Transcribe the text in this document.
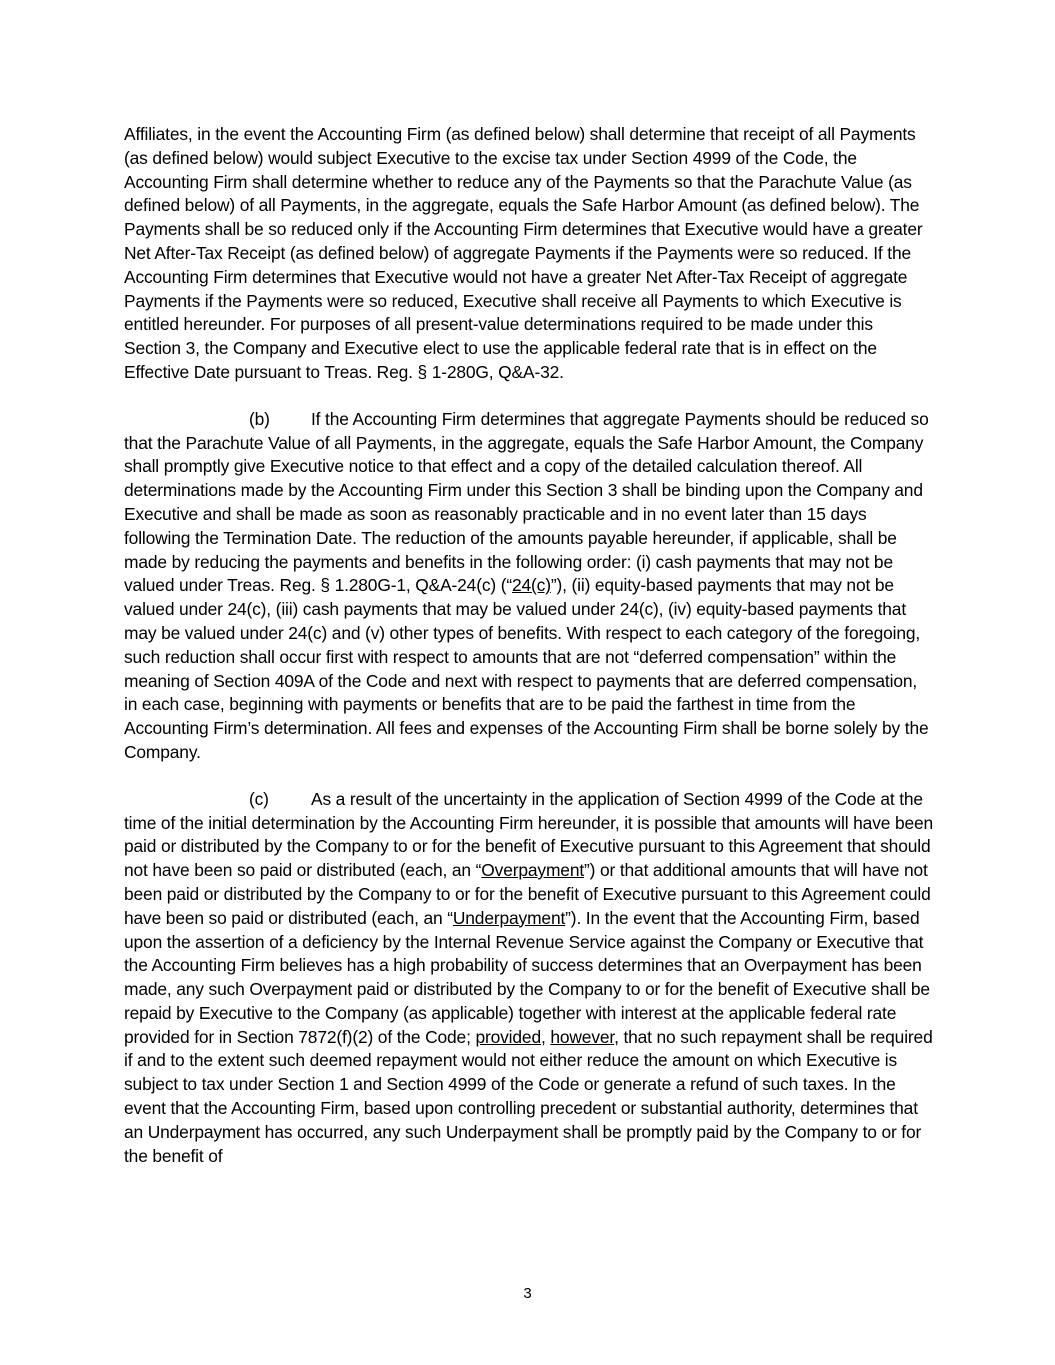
Affiliates, in the event the Accounting Firm (as defined below) shall determine that receipt of all Payments (as defined below) would subject Executive to the excise tax under Section 4999 of the Code, the Accounting Firm shall determine whether to reduce any of the Payments so that the Parachute Value (as defined below) of all Payments, in the aggregate, equals the Safe Harbor Amount (as defined below). The Payments shall be so reduced only if the Accounting Firm determines that Executive would have a greater Net After-Tax Receipt (as defined below) of aggregate Payments if the Payments were so reduced. If the Accounting Firm determines that Executive would not have a greater Net After-Tax Receipt of aggregate Payments if the Payments were so reduced, Executive shall receive all Payments to which Executive is entitled hereunder. For purposes of all present-value determinations required to be made under this Section 3, the Company and Executive elect to use the applicable federal rate that is in effect on the Effective Date pursuant to Treas. Reg. § 1-280G, Q&A-32.

(b) If the Accounting Firm determines that aggregate Payments should be reduced so that the Parachute Value of all Payments, in the aggregate, equals the Safe Harbor Amount, the Company shall promptly give Executive notice to that effect and a copy of the detailed calculation thereof. All determinations made by the Accounting Firm under this Section 3 shall be binding upon the Company and Executive and shall be made as soon as reasonably practicable and in no event later than 15 days following the Termination Date. The reduction of the amounts payable hereunder, if applicable, shall be made by reducing the payments and benefits in the following order: (i) cash payments that may not be valued under Treas. Reg. § 1.280G-1, Q&A-24(c) (“24(c)”), (ii) equity-based payments that may not be valued under 24(c), (iii) cash payments that may be valued under 24(c), (iv) equity-based payments that may be valued under 24(c) and (v) other types of benefits. With respect to each category of the foregoing, such reduction shall occur first with respect to amounts that are not “deferred compensation” within the meaning of Section 409A of the Code and next with respect to payments that are deferred compensation, in each case, beginning with payments or benefits that are to be paid the farthest in time from the Accounting Firm’s determination. All fees and expenses of the Accounting Firm shall be borne solely by the Company.

(c) As a result of the uncertainty in the application of Section 4999 of the Code at the time of the initial determination by the Accounting Firm hereunder, it is possible that amounts will have been paid or distributed by the Company to or for the benefit of Executive pursuant to this Agreement that should not have been so paid or distributed (each, an “Overpayment”) or that additional amounts that will have not been paid or distributed by the Company to or for the benefit of Executive pursuant to this Agreement could have been so paid or distributed (each, an “Underpayment”). In the event that the Accounting Firm, based upon the assertion of a deficiency by the Internal Revenue Service against the Company or Executive that the Accounting Firm believes has a high probability of success determines that an Overpayment has been made, any such Overpayment paid or distributed by the Company to or for the benefit of Executive shall be repaid by Executive to the Company (as applicable) together with interest at the applicable federal rate provided for in Section 7872(f)(2) of the Code; provided, however, that no such repayment shall be required if and to the extent such deemed repayment would not either reduce the amount on which Executive is subject to tax under Section 1 and Section 4999 of the Code or generate a refund of such taxes. In the event that the Accounting Firm, based upon controlling precedent or substantial authority, determines that an Underpayment has occurred, any such Underpayment shall be promptly paid by the Company to or for the benefit of

3
